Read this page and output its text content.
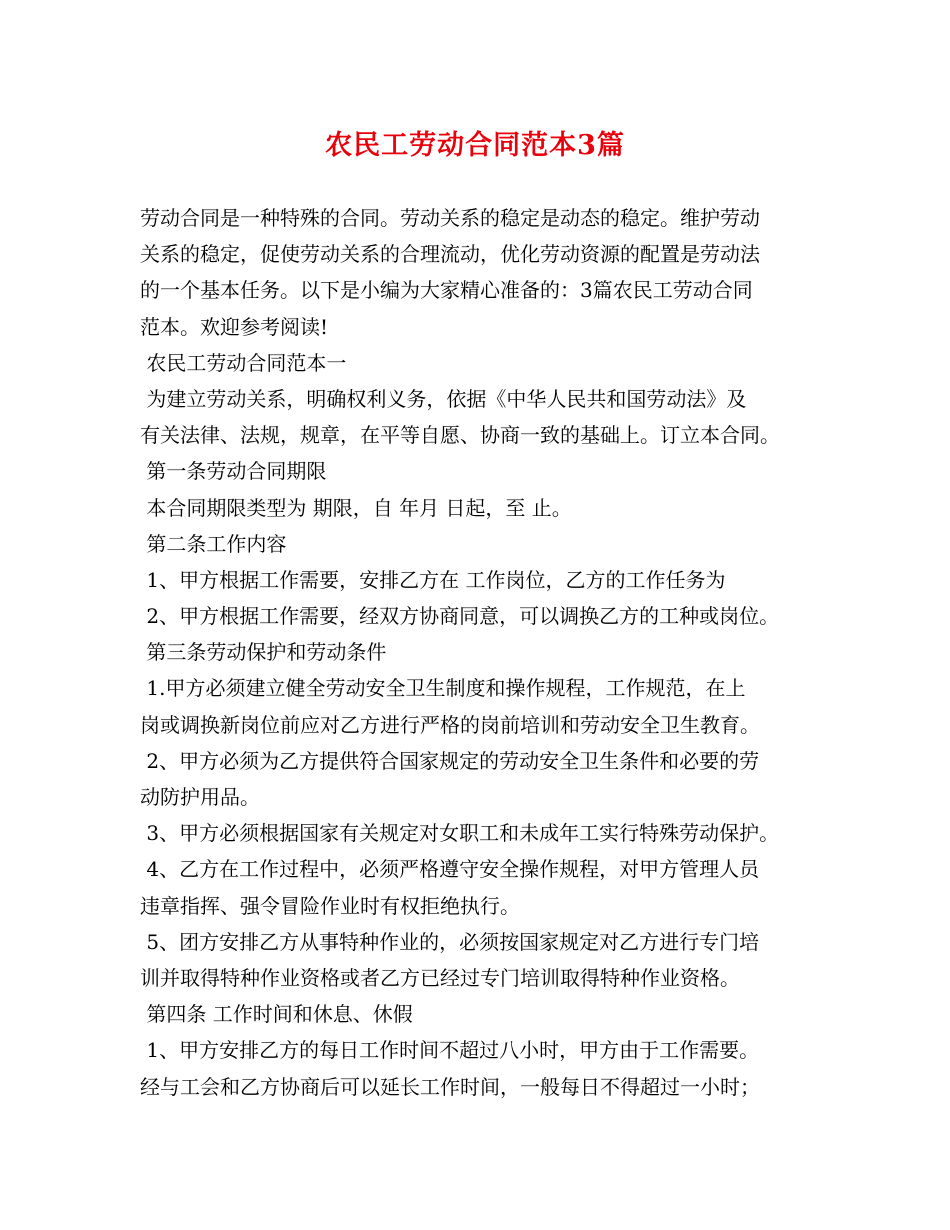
农民工劳动合同范本3篇
劳动合同是一种特殊的合同。劳动关系的稳定是动态的稳定。维护劳动
关系的稳定，促使劳动关系的合理流动，优化劳动资源的配置是劳动法
的一个基本任务。以下是小编为大家精心准备的：3篇农民工劳动合同
范本。欢迎参考阅读!
农民工劳动合同范本一
为建立劳动关系，明确权利义务，依据《中华人民共和国劳动法》及
有关法律、法规，规章，在平等自愿、协商一致的基础上。订立本合同。
第一条劳动合同期限
本合同期限类型为 期限，自 年月 日起，至 止。
第二条工作内容
1、甲方根据工作需要，安排乙方在 工作岗位，乙方的工作任务为
2、甲方根据工作需要，经双方协商同意，可以调换乙方的工种或岗位。
第三条劳动保护和劳动条件
1.甲方必须建立健全劳动安全卫生制度和操作规程，工作规范，在上
岗或调换新岗位前应对乙方进行严格的岗前培训和劳动安全卫生教育。
2、甲方必须为乙方提供符合国家规定的劳动安全卫生条件和必要的劳
动防护用品。
3、甲方必须根据国家有关规定对女职工和未成年工实行特殊劳动保护。
4、乙方在工作过程中，必须严格遵守安全操作规程，对甲方管理人员
违章指挥、强令冒险作业时有权拒绝执行。
5、团方安排乙方从事特种作业的，必须按国家规定对乙方进行专门培
训并取得特种作业资格或者乙方已经过专门培训取得特种作业资格。
第四条 工作时间和休息、休假
1、甲方安排乙方的每日工作时间不超过八小时，甲方由于工作需要。
经与工会和乙方协商后可以延长工作时间，一般每日不得超过一小时；
